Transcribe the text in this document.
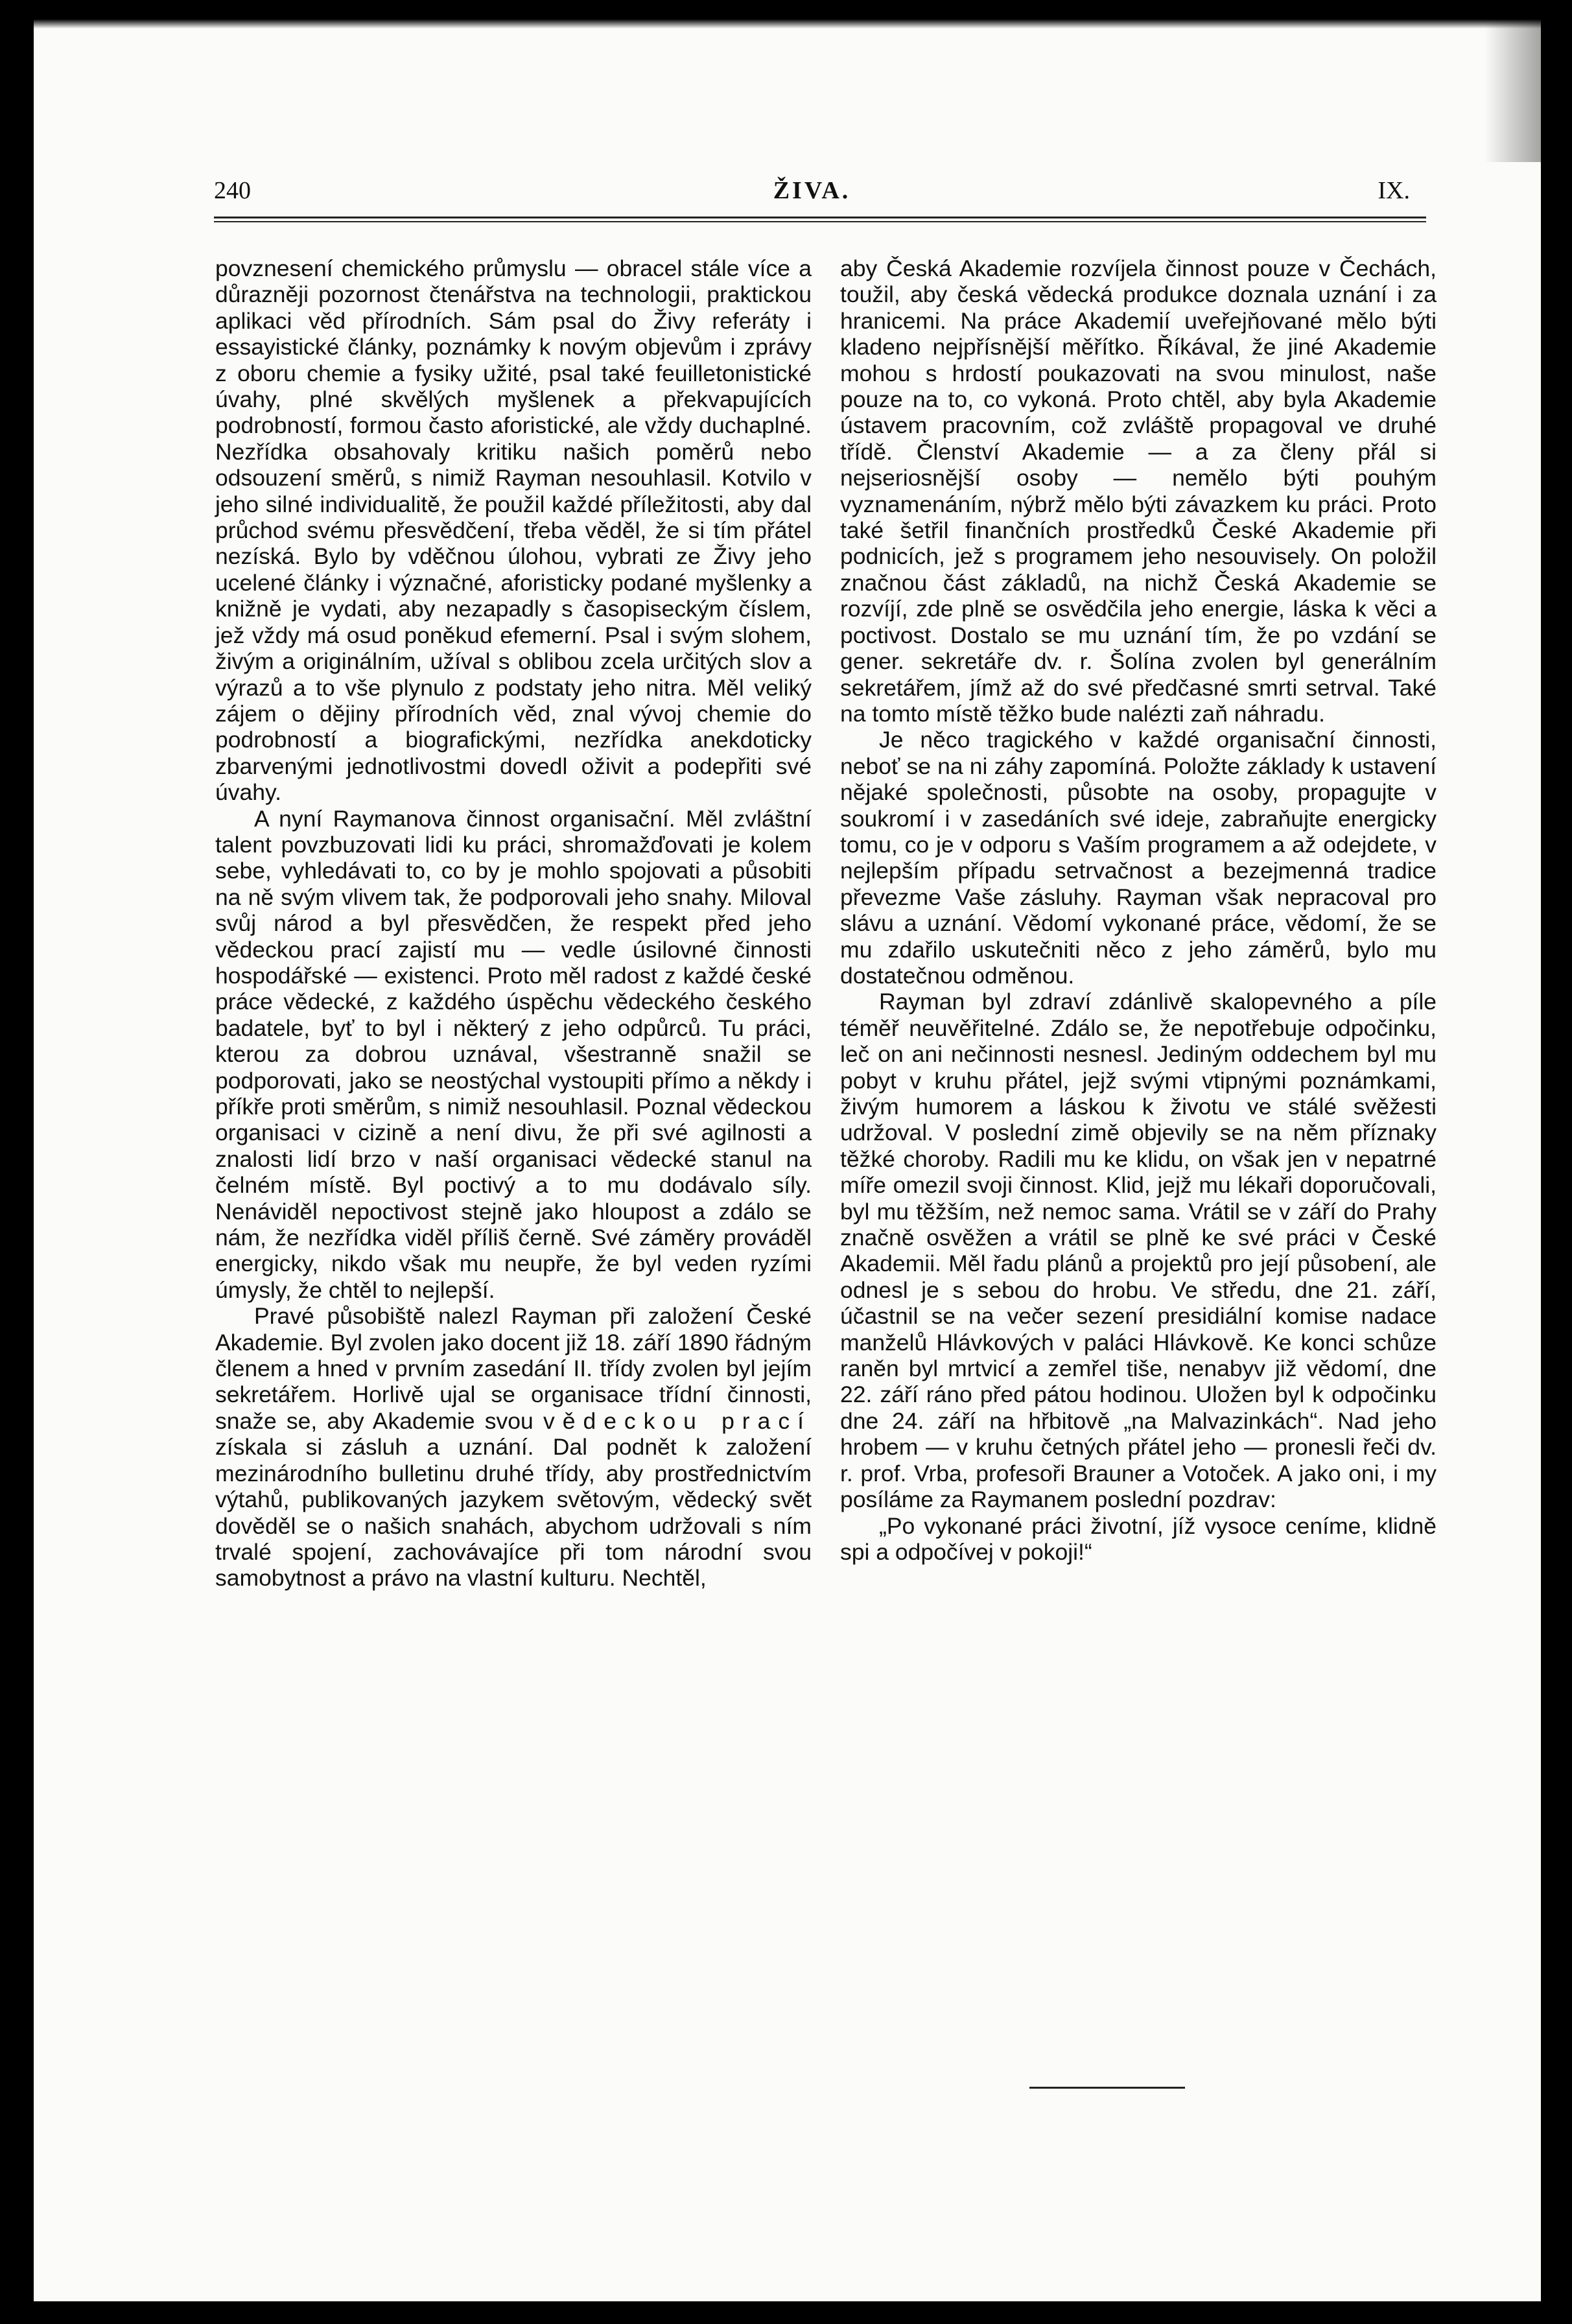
240	ŽIVA.	IX.

povznesení chemického průmyslu — obracel stále více a důrazněji pozornost čtenářstva na technologii, praktickou aplikaci věd přírodních. Sám psal do Živy referáty i essayistické články, poznámky k novým objevům i zprávy z oboru chemie a fysiky užité, psal také feuilletonistické úvahy, plné skvělých myšlenek a překvapujících podrobností, formou často aforistické, ale vždy duchaplné. Nezřídka obsahovaly kritiku našich poměrů nebo odsouzení směrů, s nimiž Rayman nesouhlasil. Kotvilo v jeho silné individualitě, že použil každé příležitosti, aby dal průchod svému přesvědčení, třeba věděl, že si tím přátel nezíská. Bylo by vděčnou úlohou, vybrati ze Živy jeho ucelené články i význačné, aforisticky podané myšlenky a knižně je vydati, aby nezapadly s časopiseckým číslem, jež vždy má osud poněkud efemerní. Psal i svým slohem, živým a originálním, užíval s oblibou zcela určitých slov a výrazů a to vše plynulo z podstaty jeho nitra. Měl veliký zájem o dějiny přírodních věd, znal vývoj chemie do podrobností a biografickými, nezřídka anekdoticky zbarvenými jednotlivostmi dovedl oživit a podepřiti své úvahy.

A nyní Raymanova činnost organisační. Měl zvláštní talent povzbuzovati lidi ku práci, shromažďovati je kolem sebe, vyhledávati to, co by je mohlo spojovati a působiti na ně svým vlivem tak, že podporovali jeho snahy. Miloval svůj národ a byl přesvědčen, že respekt před jeho vědeckou prací zajistí mu — vedle úsilovné činnosti hospodářské — existenci. Proto měl radost z každé české práce vědecké, z každého úspěchu vědeckého českého badatele, byť to byl i některý z jeho odpůrců. Tu práci, kterou za dobrou uznával, všestranně snažil se podporovati, jako se neostýchal vystoupiti přímo a někdy i příkře proti směrům, s nimiž nesouhlasil. Poznal vědeckou organisaci v cizině a není divu, že při své agilnosti a znalosti lidí brzo v naší organisaci vědecké stanul na čelném místě. Byl poctivý a to mu dodávalo síly. Nenáviděl nepoctivost stejně jako hloupost a zdálo se nám, že nezřídka viděl příliš černě. Své záměry prováděl energicky, nikdo však mu neupře, že byl veden ryzími úmysly, že chtěl to nejlepší.

Pravé působiště nalezl Rayman při založení České Akademie. Byl zvolen jako docent již 18. září 1890 řádným členem a hned v prvním zasedání II. třídy zvolen byl jejím sekretářem. Horlivě ujal se organisace třídní činnosti, snaže se, aby Akademie svou vědeckou prací získala si zásluh a uznání. Dal podnět k založení mezinárodního bulletinu druhé třídy, aby prostřednictvím výtahů, publikovaných jazykem světovým, vědecký svět dověděl se o našich snahách, abychom udržovali s ním trvalé spojení, zachovávajíce při tom národní svou samobytnost a právo na vlastní kulturu. Nechtěl,

aby Česká Akademie rozvíjela činnost pouze v Čechách, toužil, aby česká vědecká produkce doznala uznání i za hranicemi. Na práce Akademií uveřejňované mělo býti kladeno nejpřísnější měřítko. Říkával, že jiné Akademie mohou s hrdostí poukazovati na svou minulost, naše pouze na to, co vykoná. Proto chtěl, aby byla Akademie ústavem pracovním, což zvláště propagoval ve druhé třídě. Členství Akademie — a za členy přál si nejseriosnější osoby — nemělo býti pouhým vyznamenáním, nýbrž mělo býti závazkem ku práci. Proto také šetřil finančních prostředků České Akademie při podnicích, jež s programem jeho nesouvisely. On položil značnou část základů, na nichž Česká Akademie se rozvíjí, zde plně se osvědčila jeho energie, láska k věci a poctivost. Dostalo se mu uznání tím, že po vzdání se gener. sekretáře dv. r. Šolína zvolen byl generálním sekretářem, jímž až do své předčasné smrti setrval. Také na tomto místě těžko bude nalézti zaň náhradu.

Je něco tragického v každé organisační činnosti, neboť se na ni záhy zapomíná. Položte základy k ustavení nějaké společnosti, působte na osoby, propagujte v soukromí i v zasedáních své ideje, zabraňujte energicky tomu, co je v odporu s Vaším programem a až odejdete, v nejlepším případu setrvačnost a bezejmenná tradice převezme Vaše zásluhy. Rayman však nepracoval pro slávu a uznání. Vědomí vykonané práce, vědomí, že se mu zdařilo uskutečniti něco z jeho záměrů, bylo mu dostatečnou odměnou.

Rayman byl zdraví zdánlivě skalopevného a píle téměř neuvěřitelné. Zdálo se, že nepotřebuje odpočinku, leč on ani nečinnosti nesnesl. Jediným oddechem byl mu pobyt v kruhu přátel, jejž svými vtipnými poznámkami, živým humorem a láskou k životu ve stálé svěžesti udržoval. V poslední zimě objevily se na něm příznaky těžké choroby. Radili mu ke klidu, on však jen v nepatrné míře omezil svoji činnost. Klid, jejž mu lékaři doporučovali, byl mu těžším, než nemoc sama. Vrátil se v září do Prahy značně osvěžen a vrátil se plně ke své práci v České Akademii. Měl řadu plánů a projektů pro její působení, ale odnesl je s sebou do hrobu. Ve středu, dne 21. září, účastnil se na večer sezení presidiální komise nadace manželů Hlávkových v paláci Hlávkově. Ke konci schůze raněn byl mrtvicí a zemřel tiše, nenabyv již vědomí, dne 22. září ráno před pátou hodinou. Uložen byl k odpočinku dne 24. září na hřbitově „na Malvazinkách“. Nad jeho hrobem — v kruhu četných přátel jeho — pronesli řeči dv. r. prof. Vrba, profesoři Brauner a Votoček. A jako oni, i my posíláme za Raymanem poslední pozdrav:

„Po vykonané práci životní, jíž vysoce ceníme, klidně spi a odpočívej v pokoji!“
